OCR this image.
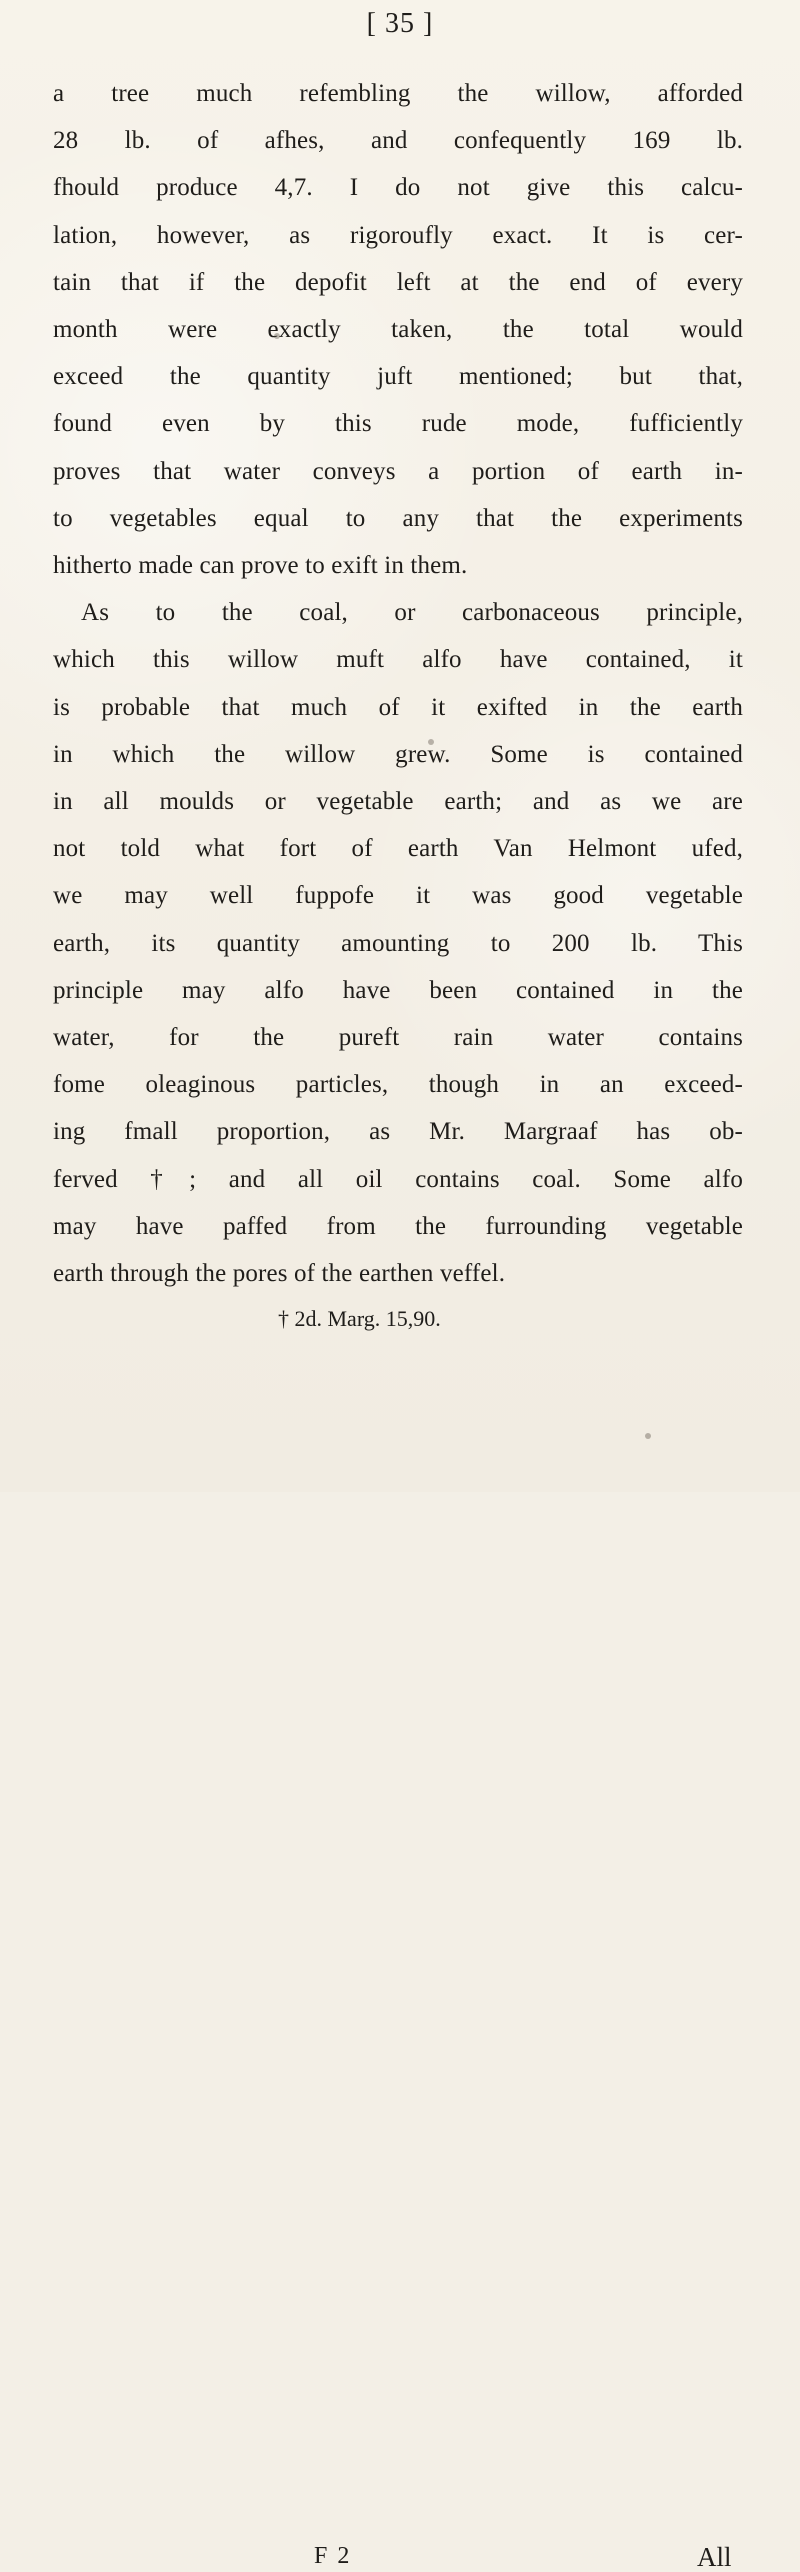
[ 35 ]
a tree much refembling the willow, afforded
28 lb. of afhes, and confequently 169 lb.
fhould produce 4,7. I do not give this calcu-
lation, however, as rigoroufly exact. It is cer-
tain that if the depofit left at the end of every
month were exactly taken, the total would
exceed the quantity juft mentioned; but that,
found even by this rude mode, fufficiently
proves that water conveys a portion of earth in-
to vegetables equal to any that the experiments
hitherto made can prove to exift in them.
As to the coal, or carbonaceous principle,
which this willow muft alfo have contained, it
is probable that much of it exifted in the earth
in which the willow grew. Some is contained
in all moulds or vegetable earth; and as we are
not told what fort of earth Van Helmont ufed,
we may well fuppofe it was good vegetable
earth, its quantity amounting to 200 lb. This
principle may alfo have been contained in the
water, for the pureft rain water contains
fome oleaginous particles, though in an exceed-
ing fmall proportion, as Mr. Margraaf has ob-
ferved †; and all oil contains coal. Some alfo
may have paffed from the furrounding vegetable
earth through the pores of the earthen veffel.
F 2	All
† 2d. Marg. 15,90.
